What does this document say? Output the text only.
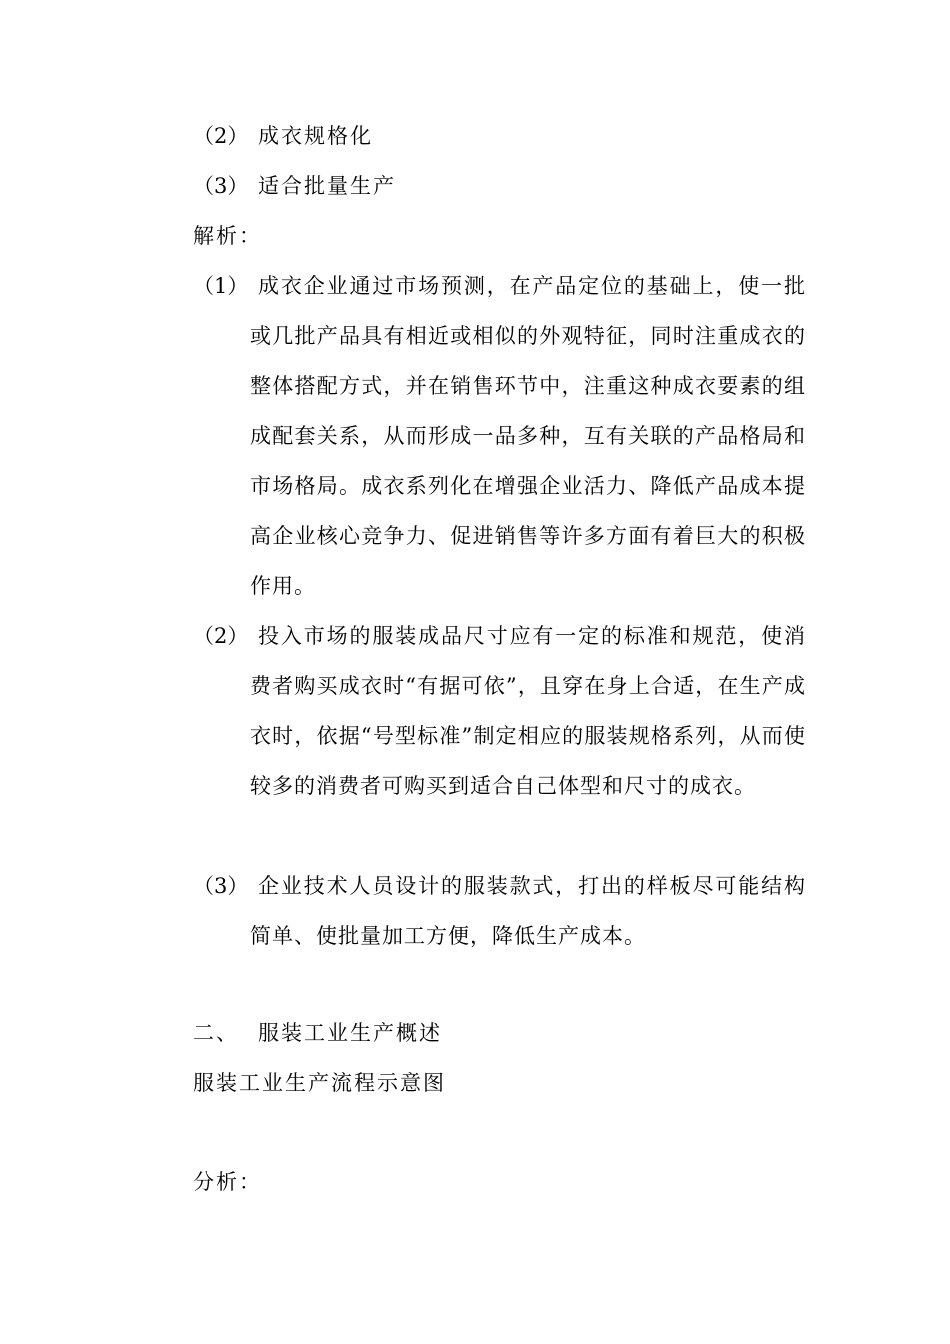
（2） 成衣规格化
（3） 适合批量生产
解析：
（1） 成衣企业通过市场预测，在产品定位的基础上，使一批或几批产品具有相近或相似的外观特征，同时注重成衣的整体搭配方式，并在销售环节中，注重这种成衣要素的组成配套关系，从而形成一品多种，互有关联的产品格局和市场格局。成衣系列化在增强企业活力、降低产品成本提高企业核心竞争力、促进销售等许多方面有着巨大的积极作用。
（2） 投入市场的服装成品尺寸应有一定的标准和规范，使消费者购买成衣时“有据可依”，且穿在身上合适，在生产成衣时，依据“号型标准”制定相应的服装规格系列，从而使较多的消费者可购买到适合自己体型和尺寸的成衣。
（3） 企业技术人员设计的服装款式，打出的样板尽可能结构简单、使批量加工方便，降低生产成本。
二、 服装工业生产概述
服装工业生产流程示意图
分析：
